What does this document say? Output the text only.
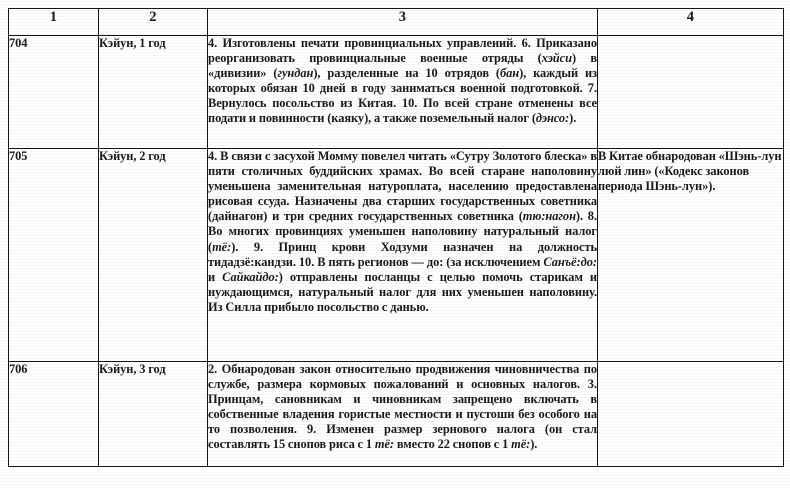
1	2	3	4
704	Кэйун, 1 год	4. Изготовлены печати провинциальных управлений. 6. Приказано реорганизовать провинциальные военные отряды (хэйси) в «дивизии» (гундан), разделенные на 10 отрядов (бан), каждый из которых обязан 10 дней в году заниматься военной подготовкой. 7. Вернулось посольство из Китая. 10. По всей стране отменены все подати и повинности (каяку), а также поземельный налог (дэнсо:).	
705	Кэйун, 2 год	4. В связи с засухой Момму повелел читать «Сутру Золотого блеска» в пяти столичных буддийских храмах. Во всей старане наполовину уменьшена заменительная натуроплата, населению предоставлена рисовая ссуда. Назначены два старших государственных советника (дайнагон) и три средних государственных советника (тю:нагон). 8. Во многих провинциях уменьшен наполовину натуральный налог (тё:). 9. Принц крови Ходзуми назначен на должность тидадзё:кандзи. 10. В пять регионов — до: (за исключением Санъё:до: и Сайкайдо:) отправлены посланцы с целью помочь старикам и нуждающимся, натуральный налог для них уменьшен наполовину. Из Силла прибыло посольство с данью.	В Китае обнародован «Шэнь-лун люй лин» («Кодекс законов периода Шэнь-лун»).
706	Кэйун, 3 год	2. Обнародован закон относительно продвижения чиновничества по службе, размера кормовых пожалований и основных налогов. 3. Принцам, сановникам и чиновникам запрещено включать в собственные владения гористые местности и пустоши без особого на то позволения. 9. Изменен размер зернового налога (он стал составлять 15 снопов риса с 1 тё: вместо 22 снопов с 1 тё:).	
